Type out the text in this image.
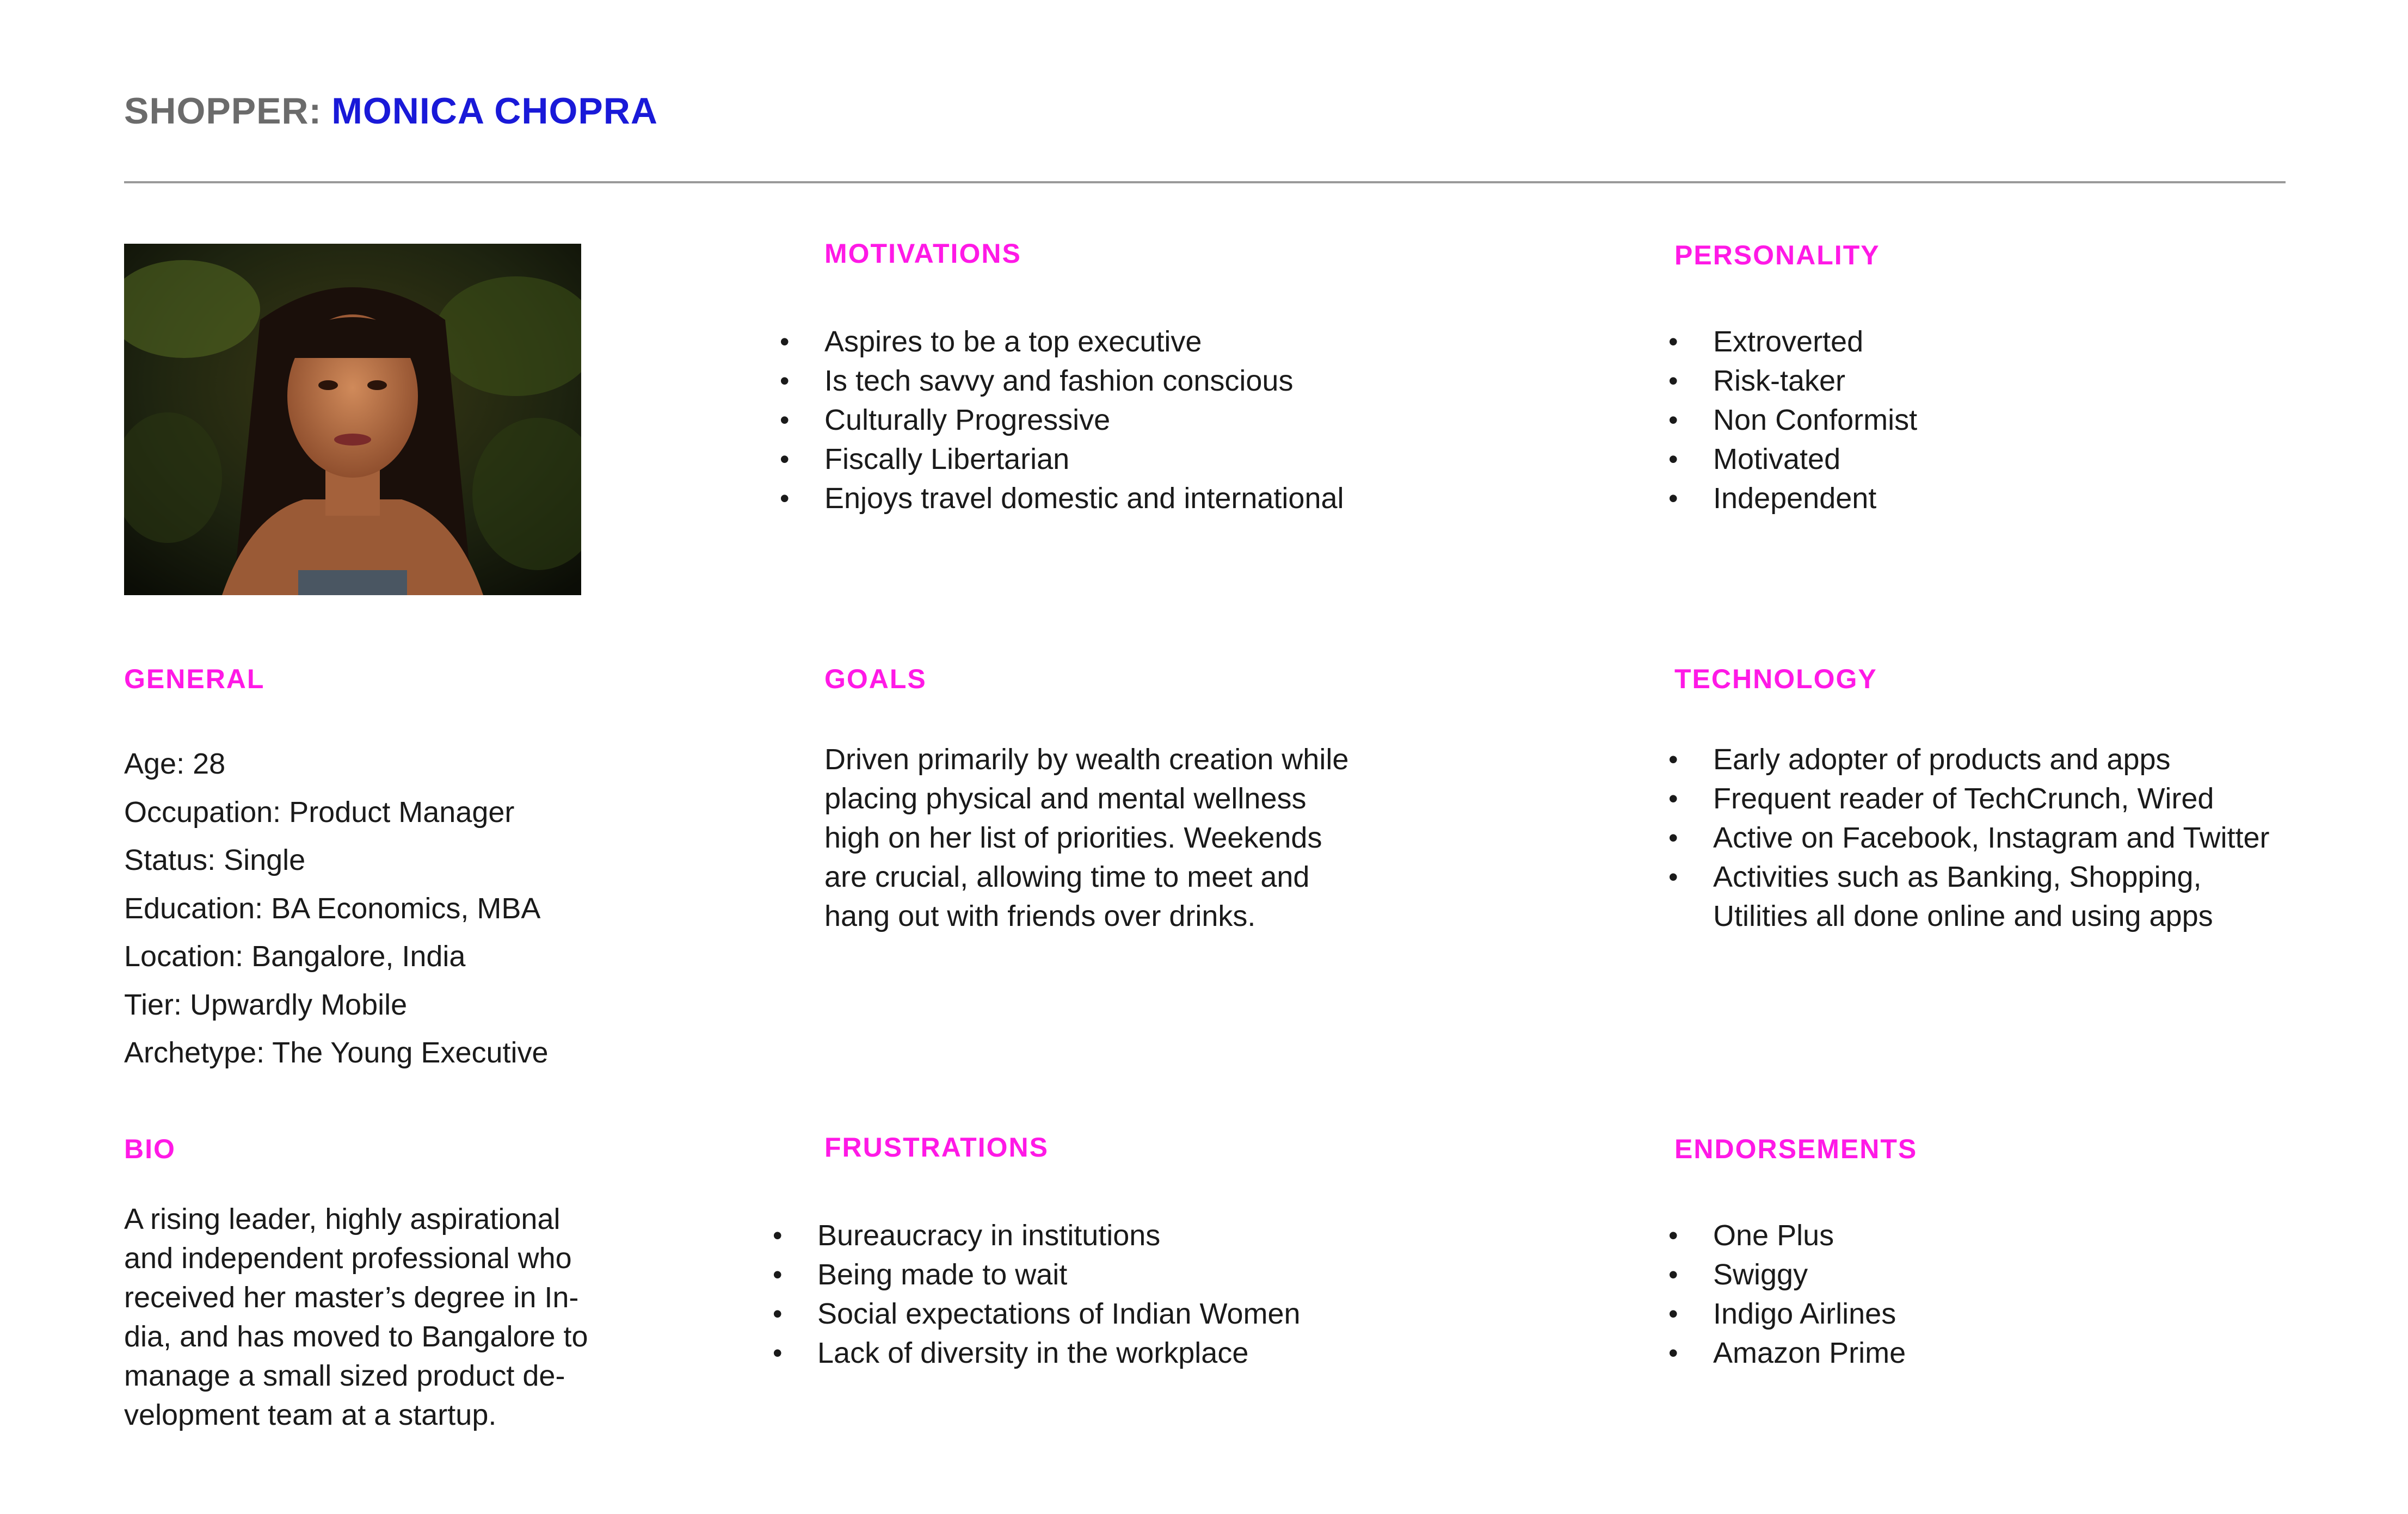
SHOPPER: MONICA CHOPRA
MOTIVATIONS
• Aspires to be a top executive
• Is tech savvy and fashion conscious
• Culturally Progressive
• Fiscally Libertarian
• Enjoys travel domestic and international
PERSONALITY
• Extroverted
• Risk-taker
• Non Conformist
• Motivated
• Independent
GENERAL
Age: 28
Occupation: Product Manager
Status: Single
Education: BA Economics, MBA
Location: Bangalore, India
Tier: Upwardly Mobile
Archetype: The Young Executive
GOALS
Driven primarily by wealth creation while
placing physical and mental wellness
high on her list of priorities. Weekends
are crucial, allowing time to meet and
hang out with friends over drinks.
TECHNOLOGY
• Early adopter of products and apps
• Frequent reader of TechCrunch, Wired
• Active on Facebook, Instagram and Twitter
• Activities such as Banking, Shopping,
Utilities all done online and using apps
BIO
A rising leader, highly aspirational
and independent professional who
received her master’s degree in In-
dia, and has moved to Bangalore to
manage a small sized product de-
velopment team at a startup.
FRUSTRATIONS
• Bureaucracy in institutions
• Being made to wait
• Social expectations of Indian Women
• Lack of diversity in the workplace
ENDORSEMENTS
• One Plus
• Swiggy
• Indigo Airlines
• Amazon Prime
